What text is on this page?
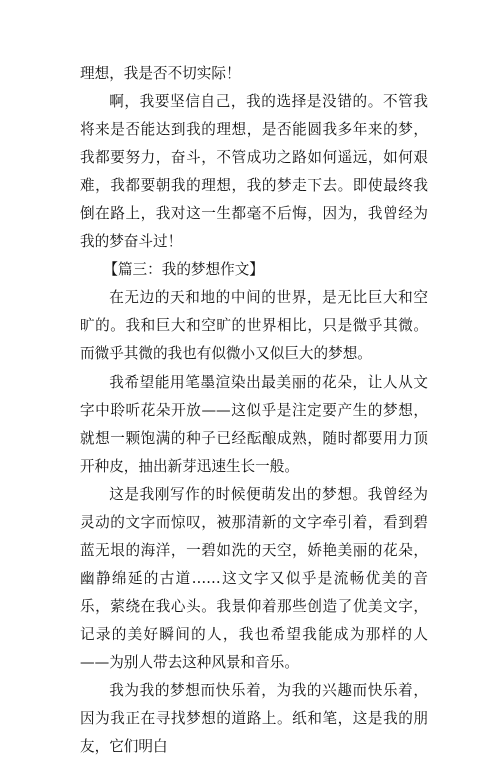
理想，我是否不切实际！

啊，我要坚信自己，我的选择是没错的。不管我将来是否能达到我的理想，是否能圆我多年来的梦，我都要努力，奋斗，不管成功之路如何遥远，如何艰难，我都要朝我的理想，我的梦走下去。即使最终我倒在路上，我对这一生都毫不后悔，因为，我曾经为我的梦奋斗过！

【篇三：我的梦想作文】

在无边的天和地的中间的世界，是无比巨大和空旷的。我和巨大和空旷的世界相比，只是微乎其微。而微乎其微的我也有似微小又似巨大的梦想。

我希望能用笔墨渲染出最美丽的花朵，让人从文字中聆听花朵开放——这似乎是注定要产生的梦想，就想一颗饱满的种子已经酝酿成熟，随时都要用力顶开种皮，抽出新芽迅速生长一般。

这是我刚写作的时候便萌发出的梦想。我曾经为灵动的文字而惊叹，被那清新的文字牵引着，看到碧蓝无垠的海洋，一碧如洗的天空，娇艳美丽的花朵，幽静绵延的古道……这文字又似乎是流畅优美的音乐，萦绕在我心头。我景仰着那些创造了优美文字，记录的美好瞬间的人，我也希望我能成为那样的人——为别人带去这种风景和音乐。

我为我的梦想而快乐着，为我的兴趣而快乐着，因为我正在寻找梦想的道路上。纸和笔，这是我的朋友，它们明白
